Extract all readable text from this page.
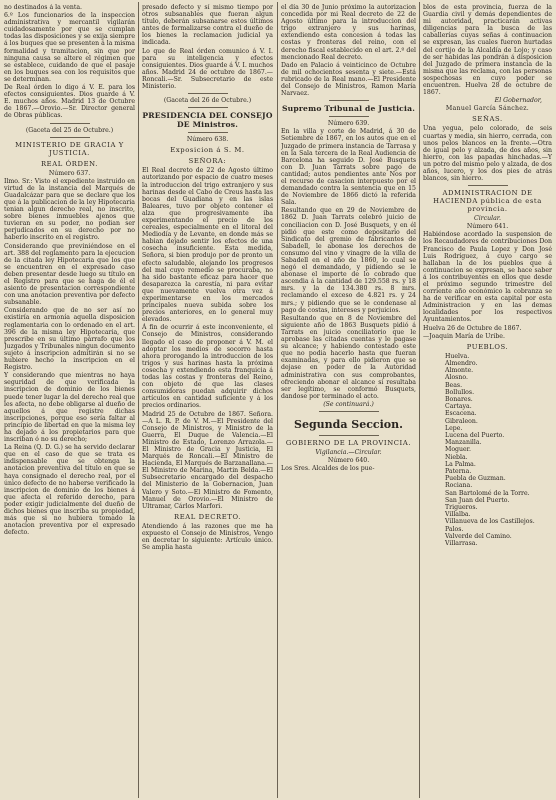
no destinados á la venta.

6.º Los funcionarios de la inspeccion administrativa y mercantil vigilarán cuidadosamente por que se cumplan todas las disposiciones y se exija siempre á los buques que se presenten á la misma formalidad y tramitacion, sin que por ninguna causa se altere el régimen que se establece, cuidando de que el pasaje en los buques sea con los requisitos que se determinan.

De Real órden lo digo á V. E. para los efectos consiguientes. Dios guarde á V. E. muchos años. Madrid 13 de Octubre de 1867.—Orovio.—Sr. Director general de Obras públicas.

(Gaceta del 25 de Octubre.)

MINISTERIO DE GRACIA Y JUSTICIA.
REAL ÓRDEN.

Número 637.

Ilmo. Sr.: Visto el expediente instruido en virtud de la instancia del Marqués de Guadalcázar para que se declare que los que á la publicacion de la ley Hipotecaria tenian algun derecho real, no inscrito, sobre bienes inmuebles ajenos que tuvieran en su poder, no podian ser perjudicados en su derecho por no haberlo inscrito en el registro.

Considerando que previniéndose en el art. 388 del reglamento para la ejecucion de la citada ley Hipotecaria que los que se encuentren en el expresado caso deben presentar desde luego su título en el Registro para que se haga de él el asiento de presentacion correspondiente con una anotacion preventiva por defecto subsanable.

Considerando que de no ser así no existiría en armonía aquella disposicion reglamentaria con lo ordenado en el art. 396 de la misma ley Hipotecaria, que prescribe en su último párrafo que los Juzgados y Tribunales ningun documento sujeto á inscripcion admitirán si no se hubiere hecho la inscripcion en el Registro.

Y considerando que mientras no haya seguridad de que verificada la inscripcion de dominio de los bienes puede tener lugar la del derecho real que les afecta, no debe obligarse al dueño de aquellos á que registre dichas inscripciones, porque eso sería faltar al principio de libertad en que la misma ley ha dejado á los propietarios para que inscriban ó no su derecho;

La Reina (Q. D. G.) se ha servido declarar que en el caso de que se trata es indispensable que se obtenga la anotacion preventiva del título en que se haya consignado el derecho real, por el único defecto de no haberse verificado la inscripcion de dominio de los bienes á que afecta el referido derecho, para poder exigir judicialmente del dueño de dichos bienes que inscriba su propiedad, más que si no hubiera tomado la anotacion preventiva por el expresado defecto.

presado defecto y sí mismo tiempo por otros subsanables que fueran algun título, deberán subsanarse estos últimos antes de formalizarse contra el dueño de los bienes la reclamacion judicial ya indicada.

Lo que de Real órden comunico á V. I. para su inteligencia y efectos consiguientes. Dios guarde á V. I. muchos años. Madrid 24 de octubre de 1867.—Roncali.—Sr. Subsecretario de este Ministerio.

(Gaceta del 26 de Octubre.)

PRESIDENCIA DEL CONSEJO DE Ministros.

Número 638.

Exposicion á S. M.
SEÑORA:

El Real decreto de 22 de Agosto último autorizando por espacio de cuatro meses la introduccion del trigo extranjero y sus harinas desde el Cabo de Creus hasta las bocas del Guadiana y en las islas Baleares, tuvo por objeto contener el alza que progresivamente iba experimentando el precio de los cereales, especialmente en el litoral del Mediodía y de Levante, en donde más se habian dejado sentir los efectos de una cosecha insuficiente. Esta medida, Señora, si bien produjo por de pronto un efecto saludable, alejando los progresos del mal cuyo remedio se procuraba, no ha sido bastante eficaz para hacer que desaparezca la carestía, ni para evitar que nuevamente vuelva otra vez á experimentarse en los mercados principales nueva subida sobre los precios anteriores, en lo general muy elevados.

Á fin de ocurrir á este inconveniente, el Consejo de Ministros, considerando llegado el caso de proponer á V. M. el adoptar los medios de socorro hasta ahora prorogando la introduccion de los trigos y sus harinas hasta la próxima cosecha y extendiendo esta franquicia á todas las costas y fronteras del Reino, con objeto de que las clases consumidoras puedan adquirir dichos artículos en cantidad suficiente y á los precios ordinarios.

Madrid 25 de Octubre de 1867. Señora.—A L. R. P. de V. M.—El Presidente del Consejo de Ministros, y Ministro de la Guerra, El Duque de Valencia.—El Ministro de Estado, Lorenzo Arrazola.—El Ministro de Gracia y Justicia, El Marqués de Roncali.—El Ministro de Hacienda, El Marqués de Barzanallana.—El Ministro de Marina, Martin Belda.—El Subsecretario encargado del despacho del Ministerio de la Gobernacion, Juan Valero y Soto.—El Ministro de Fomento, Manuel de Orovio.—El Ministro de Ultramar, Cárlos Marfori.

REAL DECRETO.

Atendiendo á las razones que me ha expuesto el Consejo de Ministros, Vengo en decretar lo siguiente: Artículo único. Se amplia hasta

el día 30 de Junio próximo la autorizacion concedida por mi Real decreto de 22 de Agosto último para la introduccion del trigo extranjero y sus harinas, extendiendo esta concesion á todas las costas y fronteras del reino, con el derecho fiscal establecido en el art. 2.º del mencionado Real decreto.

Dado en Palacio á veinticinco de Octubre de mil ochocientos sesenta y siete.—Está rubricado de la Real mano.—El Presidente del Consejo de Ministros, Ramon María Narvaez.

Supremo Tribunal de Justicia.

Número 639.

En la villa y corte de Madrid, á 30 de Setiembre de 1867, en los autos que en el Juzgado de primera instancia de Tarrasa y en la Sala tercera de la Real Audiencia de Barcelona ha seguido D. José Busquets con D. Juan Tarrats sobre pago de cantidad; autos pendientes ante Nos por el recurso de casacion interpuesto por el demandado contra la sentencia que en 15 de Noviembre de 1866 dictó la referida Sala.

Resultando que en 29 de Noviembre de 1862 D. Juan Tarrats celebró juicio de conciliacion con D. José Busquets, y en él pidió que este como depositario del Sindicato del gremio de fabricantes de Sabadell, le abonase los derechos de consumo del vino y vinagre de la villa de Sabadell en el año de 1860, lo cual se negó el demandado, y pidiendo se le abonase el importe de lo cobrado que ascendia á la cantidad de 129.558 rs. y 18 mrs. y la de 134.380 rs. 8 mrs. reclamando el exceso de 4.821 rs. y 24 mrs.; y pidiendo que se le condenase al pago de costas, intereses y perjuicios.

Resultando que en 8 de Noviembre del siguiente año de 1863 Busquets pidió á Tarrats en juicio conciliatorio que le aprobase las citadas cuentas y le pagase su alcance; y habiendo contestado este que no podia hacerlo hasta que fueran examinadas, y para ello pidieron que se dejase en poder de la Autoridad administrativa con sus comprobantes, ofreciendo abonar el alcance si resultaba ser legítimo, se conformó Busquets, dandose por terminado el acto.

(Se continuará.)

Segunda Seccion.
GOBIERNO DE LA PROVINCIA.

Vigilancia.—Circular.

Número 640.

Los Sres. Alcaldes de los pue-

blos de esta provincia, fuerza de la Guardia civil y demás dependientes de mi autoridad, practicarán activas diligencias para la busca de las caballerías cuyas señas á continuacion se expresan, las cuales fueron hurtadas del cortijo de la Alcaldía de Lojo; y caso de ser habidas las pondrán á disposicion del Juzgado de primera instancia de la misma que las reclama, con las personas sospechosas en cuyo poder se encuentren. Huelva 28 de octubre de 1867.

El Gobernador,

Manuel García Sánchez.

SEÑAS.

Una yegua, pelo colorado, de seis cuartas y media, sin hierro, cerrada, con unos pelos blancos en la frente.—Otra de igual pelo y alzada, de dos años, sin hierro, con las papadas hinchadas.—Y un potro del mismo pelo y alzada, de dos años, lucero, y los dos pies de atrás blancos, sin hierro.

ADMINISTRACION DE HACIENDA pública de esta provincia.

Circular.

Número 641.

Habiéndose acordado la suspension de los Recaudadores de contribuciones Don Francisco de Paula Lopez y Don José Luis Rodríguez, á cuyo cargo se hallaban la de los pueblos que á continuacion se expresan, se hace saber á los contribuyentes en ellos que desde el próximo segundo trimestre del corriente año económico la cobranza se ha de verificar en esta capital por esta Administracion y en las demas localidades por los respectivos Ayuntamientos.

Huelva 26 de Octubre de 1867.

—Joaquin María de Uribe.

PUEBLOS.

Huelva.

Almendro.

Almonte.

Alosno.

Beas.

Bollullos.

Bonares.

Cartaya.

Escacena.

Gibraleon.

Lepe.

Lucena del Puerto.

Manzanilla.

Moguer.

Niebla.

La Palma.

Paterna.

Puebla de Guzman.

Rociana.

San Bartolomé de la Torre.

San Juan del Puerto.

Trigueros.

Villalba.

Villanueva de los Castillejos.

Palos.

Valverde del Camino.

Villarrasa.
